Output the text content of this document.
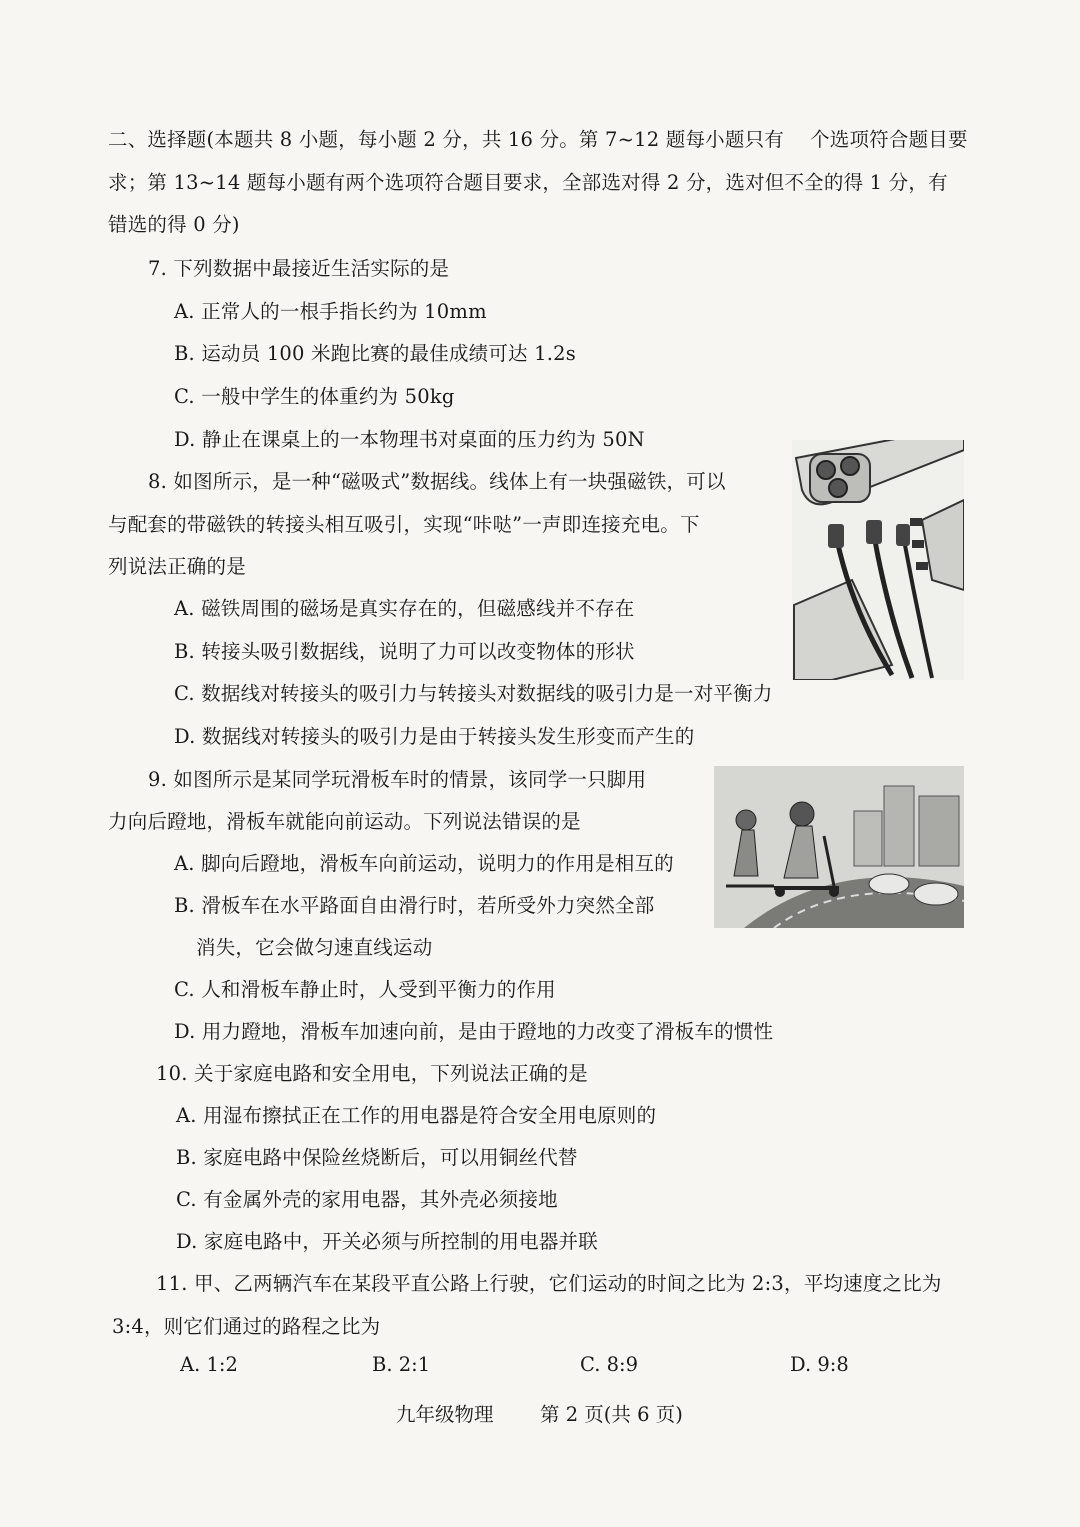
二、选择题(本题共 8 小题，每小题 2 分，共 16 分。第 7~12 题每小题只有　 个选项符合题目要
求；第 13~14 题每小题有两个选项符合题目要求，全部选对得 2 分，选对但不全的得 1 分，有
错选的得 0 分)
7. 下列数据中最接近生活实际的是
A. 正常人的一根手指长约为 10mm
B. 运动员 100 米跑比赛的最佳成绩可达 1.2s
C. 一般中学生的体重约为 50kg
D. 静止在课桌上的一本物理书对桌面的压力约为 50N
8. 如图所示，是一种“磁吸式”数据线。线体上有一块强磁铁，可以
与配套的带磁铁的转接头相互吸引，实现“咔哒”一声即连接充电。下
列说法正确的是
A. 磁铁周围的磁场是真实存在的，但磁感线并不存在
B. 转接头吸引数据线，说明了力可以改变物体的形状
C. 数据线对转接头的吸引力与转接头对数据线的吸引力是一对平衡力
D. 数据线对转接头的吸引力是由于转接头发生形变而产生的
9. 如图所示是某同学玩滑板车时的情景，该同学一只脚用
力向后蹬地，滑板车就能向前运动。下列说法错误的是
A. 脚向后蹬地，滑板车向前运动，说明力的作用是相互的
B. 滑板车在水平路面自由滑行时，若所受外力突然全部
消失，它会做匀速直线运动
C. 人和滑板车静止时，人受到平衡力的作用
D. 用力蹬地，滑板车加速向前，是由于蹬地的力改变了滑板车的惯性
10. 关于家庭电路和安全用电，下列说法正确的是
A. 用湿布擦拭正在工作的用电器是符合安全用电原则的
B. 家庭电路中保险丝烧断后，可以用铜丝代替
C. 有金属外壳的家用电器，其外壳必须接地
D. 家庭电路中，开关必须与所控制的用电器并联
11. 甲、乙两辆汽车在某段平直公路上行驶，它们运动的时间之比为 2:3，平均速度之比为
3:4，则它们通过的路程之比为
A. 1:2	B. 2:1	C. 8:9	D. 9:8
九年级物理 第 2 页(共 6 页)
